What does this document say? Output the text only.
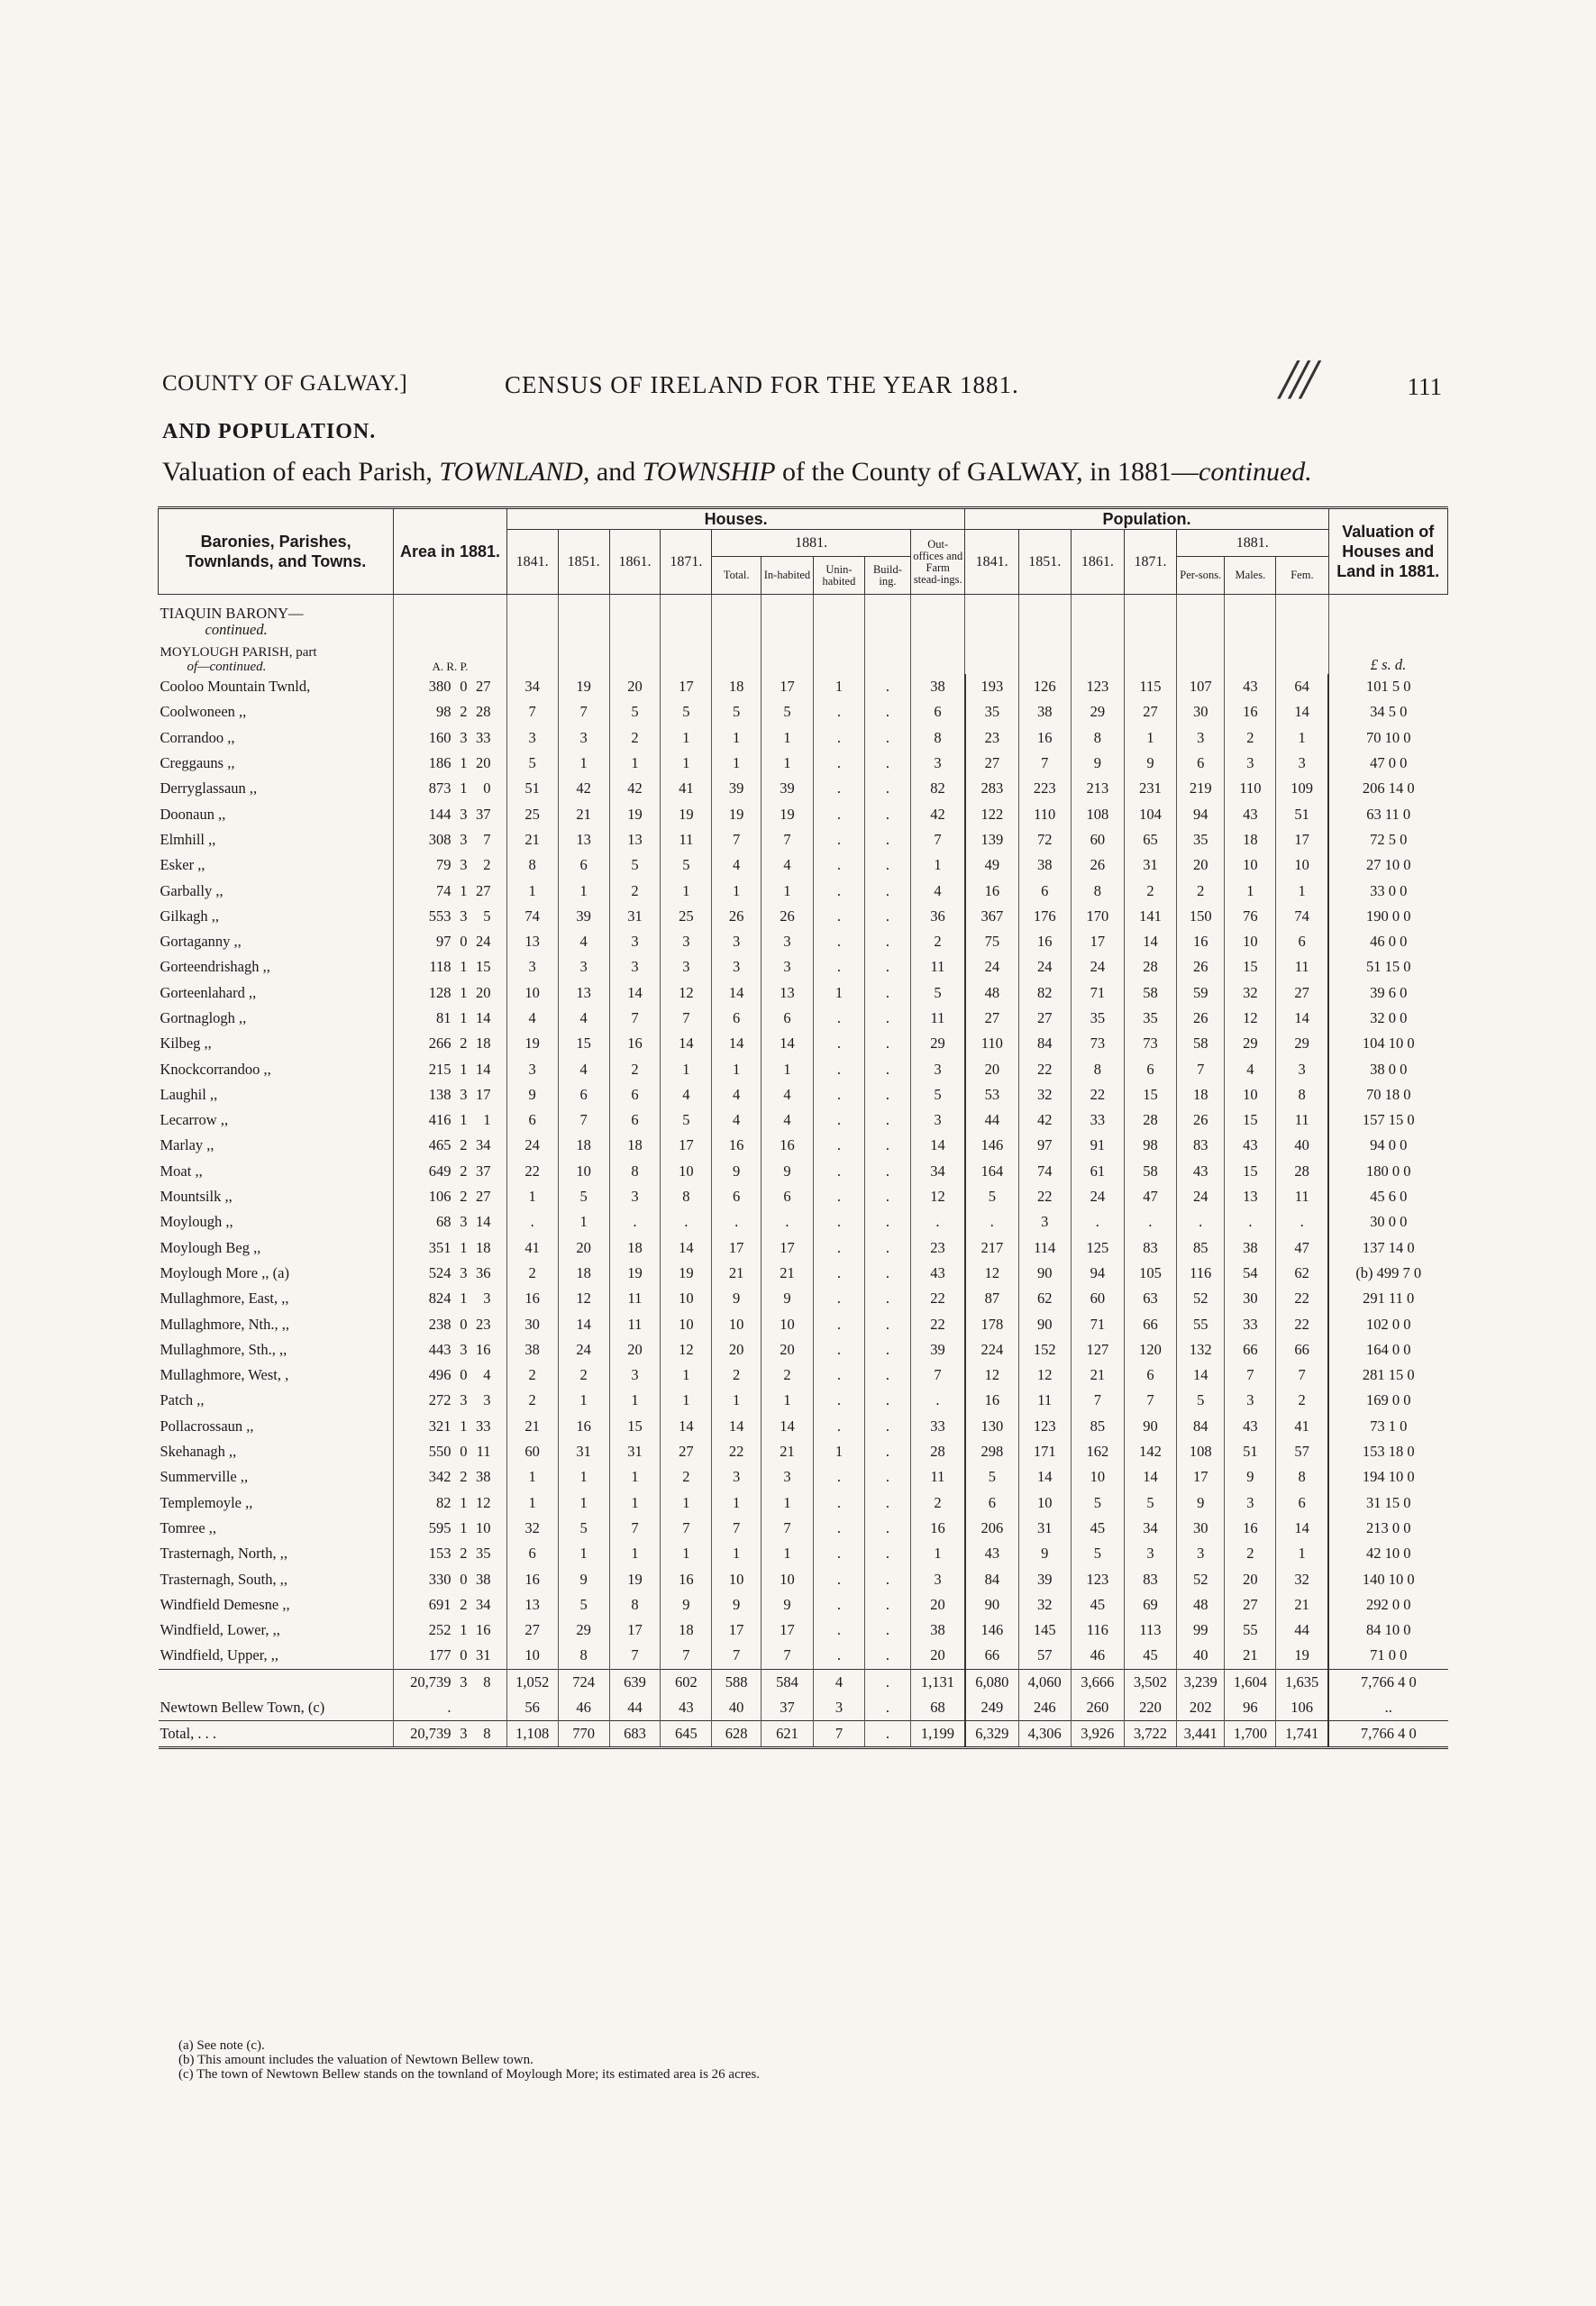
COUNTY OF GALWAY.]	CENSUS OF IRELAND FOR THE YEAR 1881.	///	111
AND POPULATION.
Valuation of each Parish, TOWNLAND, and TOWNSHIP of the County of GALWAY, in 1881—continued.
Baronies, Parishes, Townlands, and Towns.	Area in 1881.	Houses.									Population.							Valuation of Houses and Land in 1881.
		1841.	1851.	1861.	1871.	1881.				Out-offices and Farm stead-ings.	1841.	1851.	1861.	1871.	1881.			
						Total.	In-habited	Unin-habited	Build-ing.						Per-sons.	Males.	Fem.	
TIAQUIN BARONY—
continued.																		
MOYLOUGH PARISH, part
of—continued.	A. R. P.																	£ s. d.
Cooloo Mountain Twnld,	380 0 27	34	19	20	17	18	17	1	.	38	193	126	123	115	107	43	64	101 5 0
Coolwoneen ,,	98 2 28	7	7	5	5	5	5	.	.	6	35	38	29	27	30	16	14	34 5 0
Corrandoo ,,	160 3 33	3	3	2	1	1	1	.	.	8	23	16	8	1	3	2	1	70 10 0
Creggauns ,,	186 1 20	5	1	1	1	1	1	.	.	3	27	7	9	9	6	3	3	47 0 0
Derryglassaun ,,	873 1 0	51	42	42	41	39	39	.	.	82	283	223	213	231	219	110	109	206 14 0
Doonaun ,,	144 3 37	25	21	19	19	19	19	.	.	42	122	110	108	104	94	43	51	63 11 0
Elmhill ,,	308 3 7	21	13	13	11	7	7	.	.	7	139	72	60	65	35	18	17	72 5 0
Esker ,,	79 3 2	8	6	5	5	4	4	.	.	1	49	38	26	31	20	10	10	27 10 0
Garbally ,,	74 1 27	1	1	2	1	1	1	.	.	4	16	6	8	2	2	1	1	33 0 0
Gilkagh ,,	553 3 5	74	39	31	25	26	26	.	.	36	367	176	170	141	150	76	74	190 0 0
Gortaganny ,,	97 0 24	13	4	3	3	3	3	.	.	2	75	16	17	14	16	10	6	46 0 0
Gorteendrishagh ,,	118 1 15	3	3	3	3	3	3	.	.	11	24	24	24	28	26	15	11	51 15 0
Gorteenlahard ,,	128 1 20	10	13	14	12	14	13	1	.	5	48	82	71	58	59	32	27	39 6 0
Gortnaglogh ,,	81 1 14	4	4	7	7	6	6	.	.	11	27	27	35	35	26	12	14	32 0 0
Kilbeg ,,	266 2 18	19	15	16	14	14	14	.	.	29	110	84	73	73	58	29	29	104 10 0
Knockcorrandoo ,,	215 1 14	3	4	2	1	1	1	.	.	3	20	22	8	6	7	4	3	38 0 0
Laughil ,,	138 3 17	9	6	6	4	4	4	.	.	5	53	32	22	15	18	10	8	70 18 0
Lecarrow ,,	416 1 1	6	7	6	5	4	4	.	.	3	44	42	33	28	26	15	11	157 15 0
Marlay ,,	465 2 34	24	18	18	17	16	16	.	.	14	146	97	91	98	83	43	40	94 0 0
Moat ,,	649 2 37	22	10	8	10	9	9	.	.	34	164	74	61	58	43	15	28	180 0 0
Mountsilk ,,	106 2 27	1	5	3	8	6	6	.	.	12	5	22	24	47	24	13	11	45 6 0
Moylough ,,	68 3 14	.	1	.	.	.	.	.	.	.	.	3	.	.	.	.	.	30 0 0
Moylough Beg ,,	351 1 18	41	20	18	14	17	17	.	.	23	217	114	125	83	85	38	47	137 14 0
Moylough More ,, (a)	524 3 36	2	18	19	19	21	21	.	.	43	12	90	94	105	116	54	62	(b) 499 7 0
Mullaghmore, East, ,,	824 1 3	16	12	11	10	9	9	.	.	22	87	62	60	63	52	30	22	291 11 0
Mullaghmore, Nth., ,,	238 0 23	30	14	11	10	10	10	.	.	22	178	90	71	66	55	33	22	102 0 0
Mullaghmore, Sth., ,,	443 3 16	38	24	20	12	20	20	.	.	39	224	152	127	120	132	66	66	164 0 0
Mullaghmore, West, ,	496 0 4	2	2	3	1	2	2	.	.	7	12	12	21	6	14	7	7	281 15 0
Patch ,,	272 3 3	2	1	1	1	1	1	.	.	.	16	11	7	7	5	3	2	169 0 0
Pollacrossaun ,,	321 1 33	21	16	15	14	14	14	.	.	33	130	123	85	90	84	43	41	73 1 0
Skehanagh ,,	550 0 11	60	31	31	27	22	21	1	.	28	298	171	162	142	108	51	57	153 18 0
Summerville ,,	342 2 38	1	1	1	2	3	3	.	.	11	5	14	10	14	17	9	8	194 10 0
Templemoyle ,,	82 1 12	1	1	1	1	1	1	.	.	2	6	10	5	5	9	3	6	31 15 0
Tomree ,,	595 1 10	32	5	7	7	7	7	.	.	16	206	31	45	34	30	16	14	213 0 0
Trasternagh, North, ,,	153 2 35	6	1	1	1	1	1	.	.	1	43	9	5	3	3	2	1	42 10 0
Trasternagh, South, ,,	330 0 38	16	9	19	16	10	10	.	.	3	84	39	123	83	52	20	32	140 10 0
Windfield Demesne ,,	691 2 34	13	5	8	9	9	9	.	.	20	90	32	45	69	48	27	21	292 0 0
Windfield, Lower, ,,	252 1 16	27	29	17	18	17	17	.	.	38	146	145	116	113	99	55	44	84 10 0
Windfield, Upper, ,,	177 0 31	10	8	7	7	7	7	.	.	20	66	57	46	45	40	21	19	71 0 0
	20,739 3 8	1,052	724	639	602	588	584	4	.	1,131	6,080	4,060	3,666	3,502	3,239	1,604	1,635	7,766 4 0
Newtown Bellew Town, (c)	.	56	46	44	43	40	37	3	.	68	249	246	260	220	202	96	106	..
Total, . . .	20,739 3 8	1,108	770	683	645	628	621	7	.	1,199	6,329	4,306	3,926	3,722	3,441	1,700	1,741	7,766 4 0
(a) See note (c).
(b) This amount includes the valuation of Newtown Bellew town.
(c) The town of Newtown Bellew stands on the townland of Moylough More; its estimated area is 26 acres.
